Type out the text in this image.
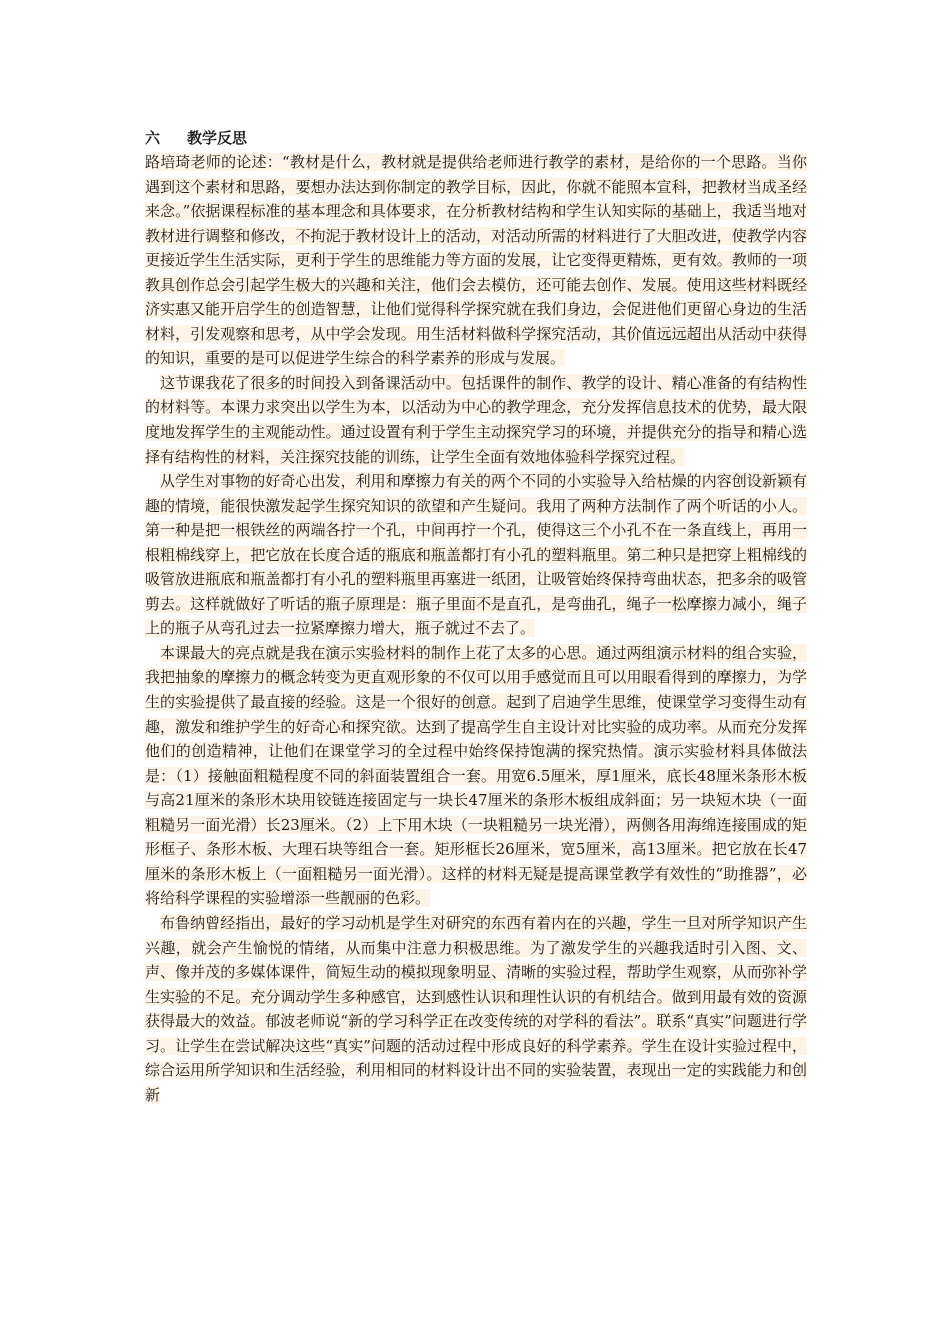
六 教学反思

路培琦老师的论述：“教材是什么，教材就是提供给老师进行教学的素材，是给你的一个思路。当你遇到这个素材和思路，要想办法达到你制定的教学目标，因此，你就不能照本宣科，把教材当成圣经来念。”依据课程标准的基本理念和具体要求，在分析教材结构和学生认知实际的基础上，我适当地对教材进行调整和修改，不拘泥于教材设计上的活动，对活动所需的材料进行了大胆改进，使教学内容更接近学生生活实际，更利于学生的思维能力等方面的发展，让它变得更精炼，更有效。教师的一项教具创作总会引起学生极大的兴趣和关注，他们会去模仿，还可能去创作、发展。使用这些材料既经济实惠又能开启学生的创造智慧，让他们觉得科学探究就在我们身边，会促进他们更留心身边的生活材料，引发观察和思考，从中学会发现。用生活材料做科学探究活动，其价值远远超出从活动中获得的知识，重要的是可以促进学生综合的科学素养的形成与发展。

这节课我花了很多的时间投入到备课活动中。包括课件的制作、教学的设计、精心准备的有结构性的材料等。本课力求突出以学生为本，以活动为中心的教学理念，充分发挥信息技术的优势，最大限度地发挥学生的主观能动性。通过设置有利于学生主动探究学习的环境，并提供充分的指导和精心选择有结构性的材料，关注探究技能的训练，让学生全面有效地体验科学探究过程。

从学生对事物的好奇心出发，利用和摩擦力有关的两个不同的小实验导入给枯燥的内容创设新颖有趣的情境，能很快激发起学生探究知识的欲望和产生疑问。我用了两种方法制作了两个听话的小人。第一种是把一根铁丝的两端各拧一个孔，中间再拧一个孔，使得这三个小孔不在一条直线上，再用一根粗棉线穿上，把它放在长度合适的瓶底和瓶盖都打有小孔的塑料瓶里。第二种只是把穿上粗棉线的吸管放进瓶底和瓶盖都打有小孔的塑料瓶里再塞进一纸团，让吸管始终保持弯曲状态，把多余的吸管剪去。这样就做好了听话的瓶子原理是：瓶子里面不是直孔，是弯曲孔，绳子一松摩擦力减小，绳子上的瓶子从弯孔过去一拉紧摩擦力增大，瓶子就过不去了。

本课最大的亮点就是我在演示实验材料的制作上花了太多的心思。通过两组演示材料的组合实验，我把抽象的摩擦力的概念转变为更直观形象的不仅可以用手感觉而且可以用眼看得到的摩擦力，为学生的实验提供了最直接的经验。这是一个很好的创意。起到了启迪学生思维，使课堂学习变得生动有趣，激发和维护学生的好奇心和探究欲。达到了提高学生自主设计对比实验的成功率。从而充分发挥他们的创造精神，让他们在课堂学习的全过程中始终保持饱满的探究热情。演示实验材料具体做法是：（1）接触面粗糙程度不同的斜面装置组合一套。用宽6.5厘米，厚1厘米，底长48厘米条形木板与高21厘米的条形木块用铰链连接固定与一块长47厘米的条形木板组成斜面；另一块短木块（一面粗糙另一面光滑）长23厘米。（2）上下用木块（一块粗糙另一块光滑），两侧各用海绵连接围成的矩形框子、条形木板、大理石块等组合一套。矩形框长26厘米，宽5厘米，高13厘米。把它放在长47厘米的条形木板上（一面粗糙另一面光滑）。这样的材料无疑是提高课堂教学有效性的“助推器”，必将给科学课程的实验增添一些靓丽的色彩。

布鲁纳曾经指出，最好的学习动机是学生对研究的东西有着内在的兴趣，学生一旦对所学知识产生兴趣，就会产生愉悦的情绪，从而集中注意力积极思维。为了激发学生的兴趣我适时引入图、文、声、像并茂的多媒体课件，简短生动的模拟现象明显、清晰的实验过程，帮助学生观察，从而弥补学生实验的不足。充分调动学生多种感官，达到感性认识和理性认识的有机结合。做到用最有效的资源获得最大的效益。郁波老师说“新的学习科学正在改变传统的对学科的看法”。联系“真实”问题进行学习。让学生在尝试解决这些“真实”问题的活动过程中形成良好的科学素养。学生在设计实验过程中，综合运用所学知识和生活经验，利用相同的材料设计出不同的实验装置，表现出一定的实践能力和创新
